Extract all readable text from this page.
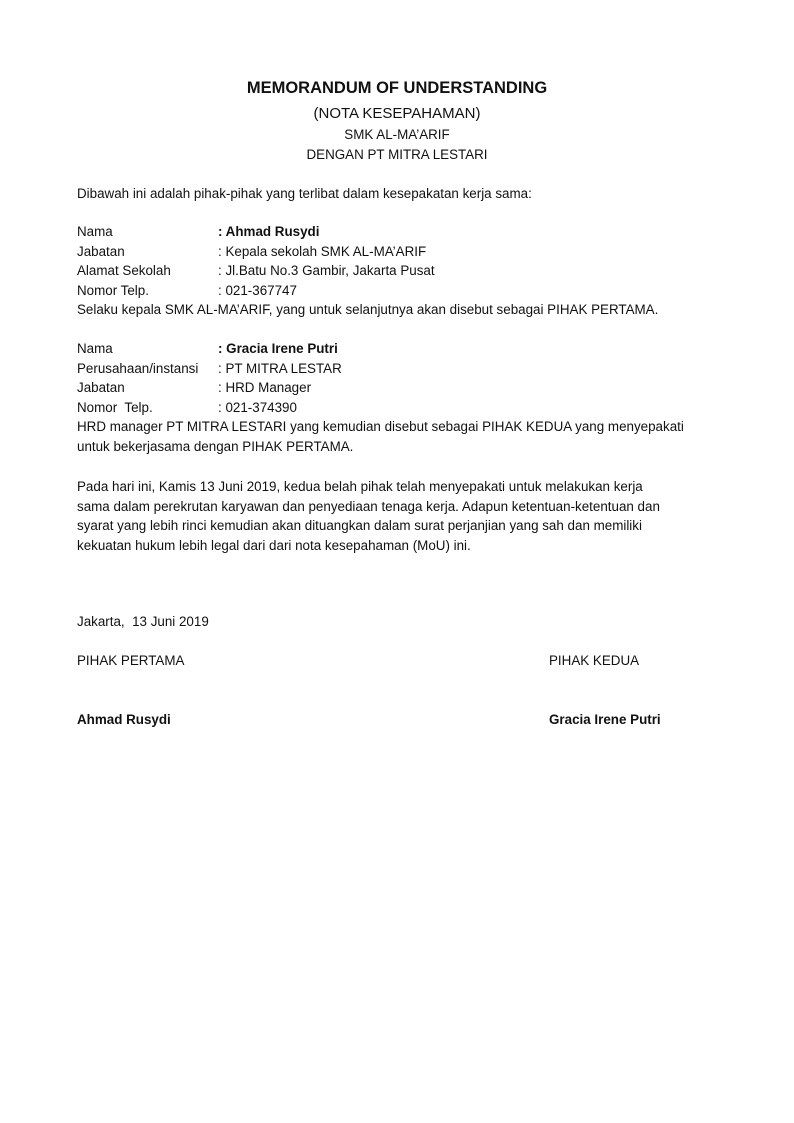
MEMORANDUM OF UNDERSTANDING
(NOTA KESEPAHAMAN)
SMK AL-MA’ARIF
DENGAN PT MITRA LESTARI
Dibawah ini adalah pihak-pihak yang terlibat dalam kesepakatan kerja sama:
Nama	: Ahmad Rusydi
Jabatan	: Kepala sekolah SMK AL-MA’ARIF
Alamat Sekolah	: Jl.Batu No.3 Gambir, Jakarta Pusat
Nomor Telp.	: 021-367747
Selaku kepala SMK AL-MA’ARIF, yang untuk selanjutnya akan disebut sebagai PIHAK PERTAMA.
Nama	: Gracia Irene Putri
Perusahaan/instansi : PT MITRA LESTAR
Jabatan	: HRD Manager
Nomor  Telp.	: 021-374390
HRD manager PT MITRA LESTARI yang kemudian disebut sebagai PIHAK KEDUA yang menyepakati
untuk bekerjasama dengan PIHAK PERTAMA.
Pada hari ini, Kamis 13 Juni 2019, kedua belah pihak telah menyepakati untuk melakukan kerja
sama dalam perekrutan karyawan dan penyediaan tenaga kerja. Adapun ketentuan-ketentuan dan
syarat yang lebih rinci kemudian akan dituangkan dalam surat perjanjian yang sah dan memiliki
kekuatan hukum lebih legal dari dari nota kesepahaman (MoU) ini.
Jakarta,  13 Juni 2019
PIHAK PERTAMA	PIHAK KEDUA
Ahmad Rusydi	Gracia Irene Putri
